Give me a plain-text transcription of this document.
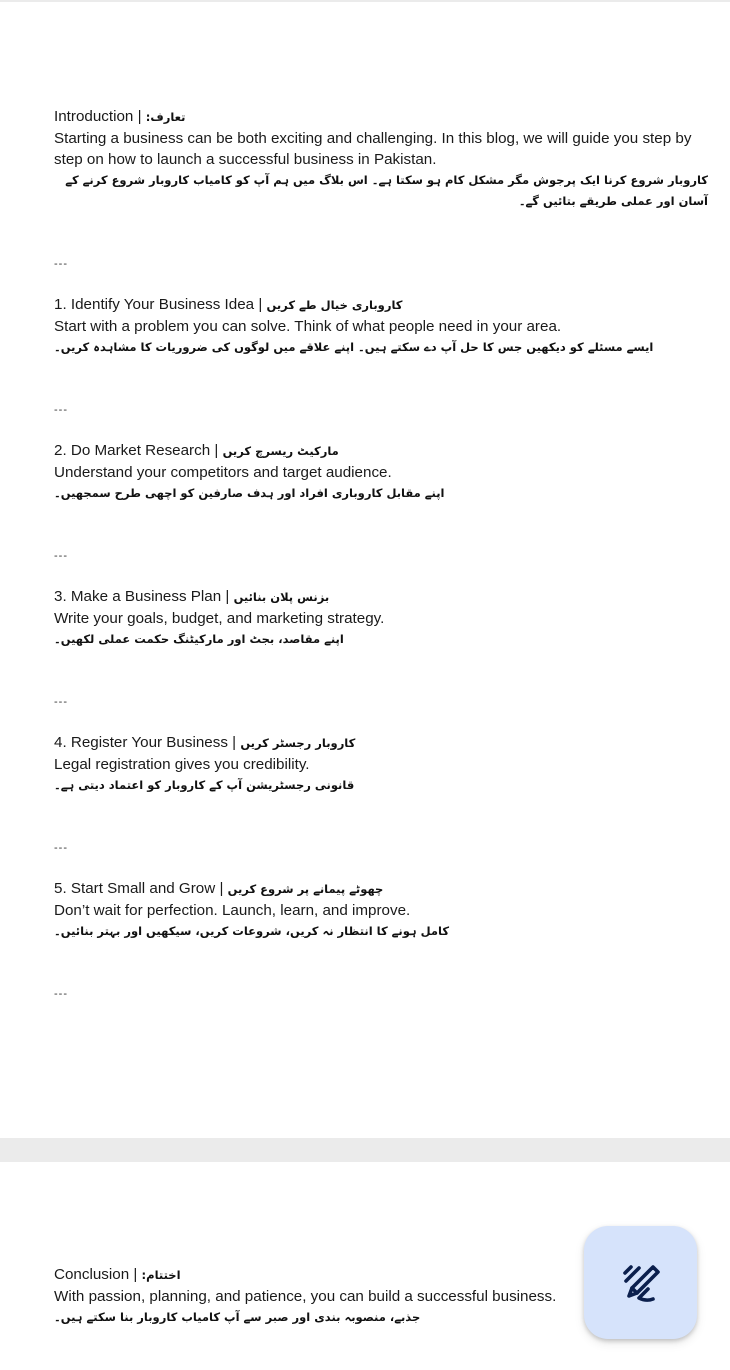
Introduction | تعارف:
Starting a business can be both exciting and challenging. In this blog, we will guide you step by step on how to launch a successful business in Pakistan.
کاروبار شروع کرنا ایک پرجوش مگر مشکل کام ہو سکتا ہے۔ اس بلاگ میں ہم آپ کو کامیاب کاروبار شروع کرنے کے آسان اور عملی طریقے بتائیں گے۔
---
1. Identify Your Business Idea | کاروباری خیال طے کریں
Start with a problem you can solve. Think of what people need in your area.
ایسے مسئلے کو دیکھیں جس کا حل آپ دے سکتے ہیں۔ اپنے علاقے میں لوگوں کی ضروریات کا مشاہدہ کریں۔
---
2. Do Market Research | مارکیٹ ریسرچ کریں
Understand your competitors and target audience.
اپنے مقابل کاروباری افراد اور ہدف صارفین کو اچھی طرح سمجھیں۔
---
3. Make a Business Plan | بزنس پلان بنائیں
Write your goals, budget, and marketing strategy.
اپنے مقاصد، بجٹ اور مارکیٹنگ حکمت عملی لکھیں۔
---
4. Register Your Business | کاروبار رجسٹر کریں
Legal registration gives you credibility.
قانونی رجسٹریشن آپ کے کاروبار کو اعتماد دیتی ہے۔
---
5. Start Small and Grow | چھوٹے پیمانے پر شروع کریں
Don’t wait for perfection. Launch, learn, and improve.
کامل ہونے کا انتظار نہ کریں، شروعات کریں، سیکھیں اور بہتر بنائیں۔
---
Conclusion | اختتام:
With passion, planning, and patience, you can build a successful business.
جذبے، منصوبہ بندی اور صبر سے آپ کامیاب کاروبار بنا سکتے ہیں۔
